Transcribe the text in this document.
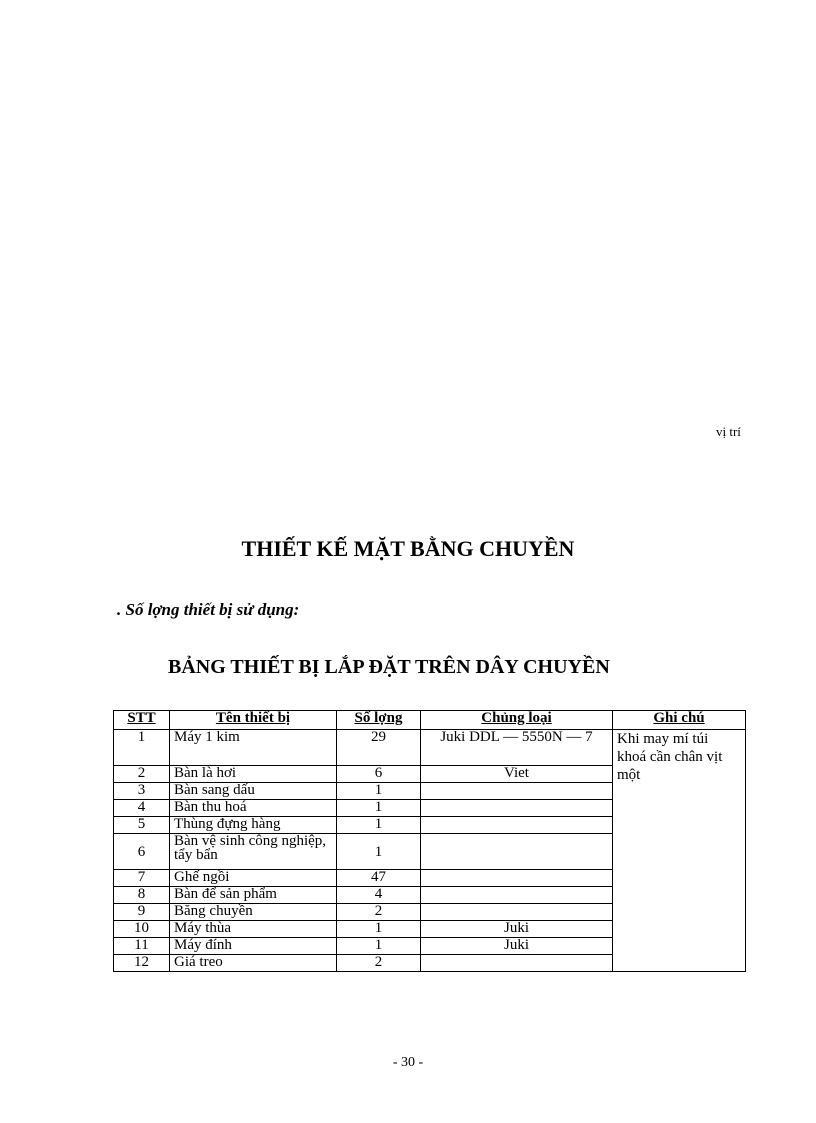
vị trí
THIẾT KẾ MẶT BẰNG CHUYỀN
. Số lợng thiết bị sử dụng:
BẢNG THIẾT BỊ LẮP ĐẶT TRÊN DÂY CHUYỀN
STT	Tên thiết bị	Số lợng	Chủng loại	Ghi chú
1	Máy 1 kim	29	Juki DDL — 5550N — 7	Khi may mí túi khoá cần chân vịt một
2	Bàn là hơi	6	Viet	
3	Bàn sang dấu	1		
4	Bàn thu hoá	1		
5	Thùng đựng hàng	1		
6	Bàn vệ sinh công nghiệp, tẩy bẩn	1		
7	Ghế ngồi	47		
8	Bàn để sản phẩm	4		
9	Băng chuyền	2		
10	Máy thùa	1	Juki	
11	Máy đính	1	Juki	
12	Giá treo	2		
- 30 -
